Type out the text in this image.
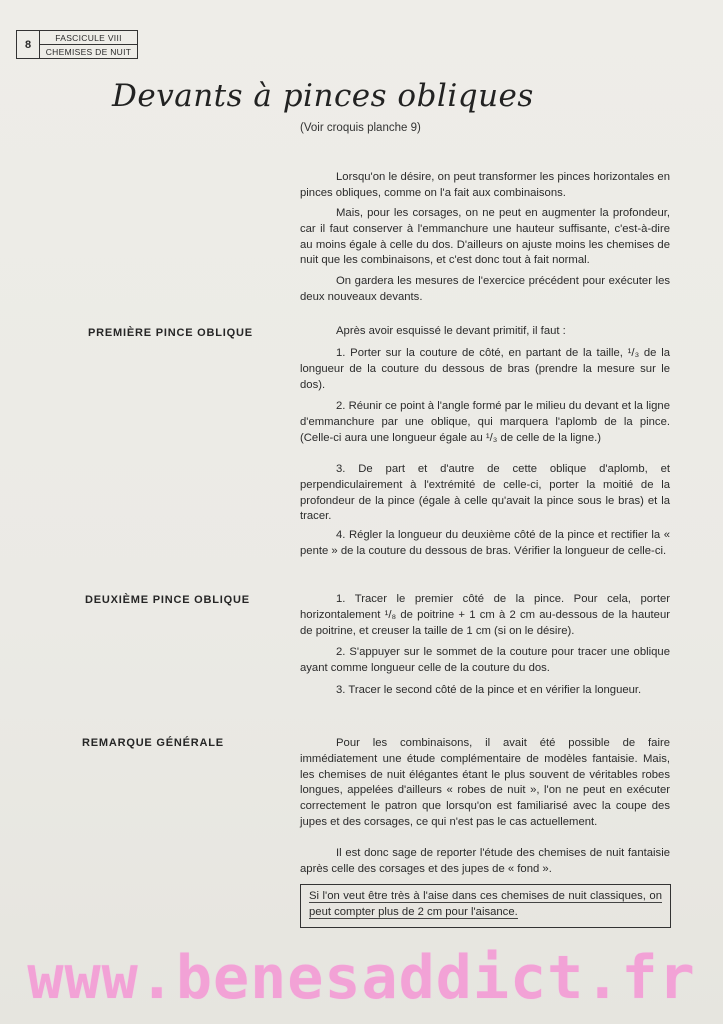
8
FASCICULE VIII
CHEMISES DE NUIT
Devants à pinces obliques
(Voir croquis planche 9)

Lorsqu'on le désire, on peut transformer les pinces horizontales en pinces obliques, comme on l'a fait aux combinaisons.

Mais, pour les corsages, on ne peut en augmenter la profondeur, car il faut conserver à l'emmanchure une hauteur suffisante, c'est-à-dire au moins égale à celle du dos. D'ailleurs on ajuste moins les chemises de nuit que les combinaisons, et c'est donc tout à fait normal.

On gardera les mesures de l'exercice précédent pour exécuter les deux nouveaux devants.

PREMIÈRE PINCE OBLIQUE	Après avoir esquissé le devant primitif, il faut :

1. Porter sur la couture de côté, en partant de la taille, ¹/₃ de la longueur de la couture du dessous de bras (prendre la mesure sur le dos).

2. Réunir ce point à l'angle formé par le milieu du devant et la ligne d'emmanchure par une oblique, qui marquera l'aplomb de la pince. (Celle-ci aura une longueur égale au ¹/₃ de celle de la ligne.)

3. De part et d'autre de cette oblique d'aplomb, et perpendiculairement à l'extrémité de celle-ci, porter la moitié de la profondeur de la pince (égale à celle qu'avait la pince sous le bras) et la tracer.

4. Régler la longueur du deuxième côté de la pince et rectifier la « pente » de la couture du dessous de bras. Vérifier la longueur de celle-ci.

DEUXIÈME PINCE OBLIQUE	1. Tracer le premier côté de la pince. Pour cela, porter horizontalement ¹/₈ de poitrine + 1 cm à 2 cm au-dessous de la hauteur de poitrine, et creuser la taille de 1 cm (si on le désire).

2. S'appuyer sur le sommet de la couture pour tracer une oblique ayant comme longueur celle de la couture du dos.

3. Tracer le second côté de la pince et en vérifier la longueur.

REMARQUE GÉNÉRALE	Pour les combinaisons, il avait été possible de faire immédiatement une étude complémentaire de modèles fantaisie. Mais, les chemises de nuit élégantes étant le plus souvent de véritables robes longues, appelées d'ailleurs « robes de nuit », l'on ne peut en exécuter correctement le patron que lorsqu'on est familiarisé avec la coupe des jupes et des corsages, ce qui n'est pas le cas actuellement.

Il est donc sage de reporter l'étude des chemises de nuit fantaisie après celle des corsages et des jupes de « fond ».

Si l'on veut être très à l'aise dans ces chemises de nuit classiques, on peut compter plus de 2 cm pour l'aisance.
www.benesaddict.fr
